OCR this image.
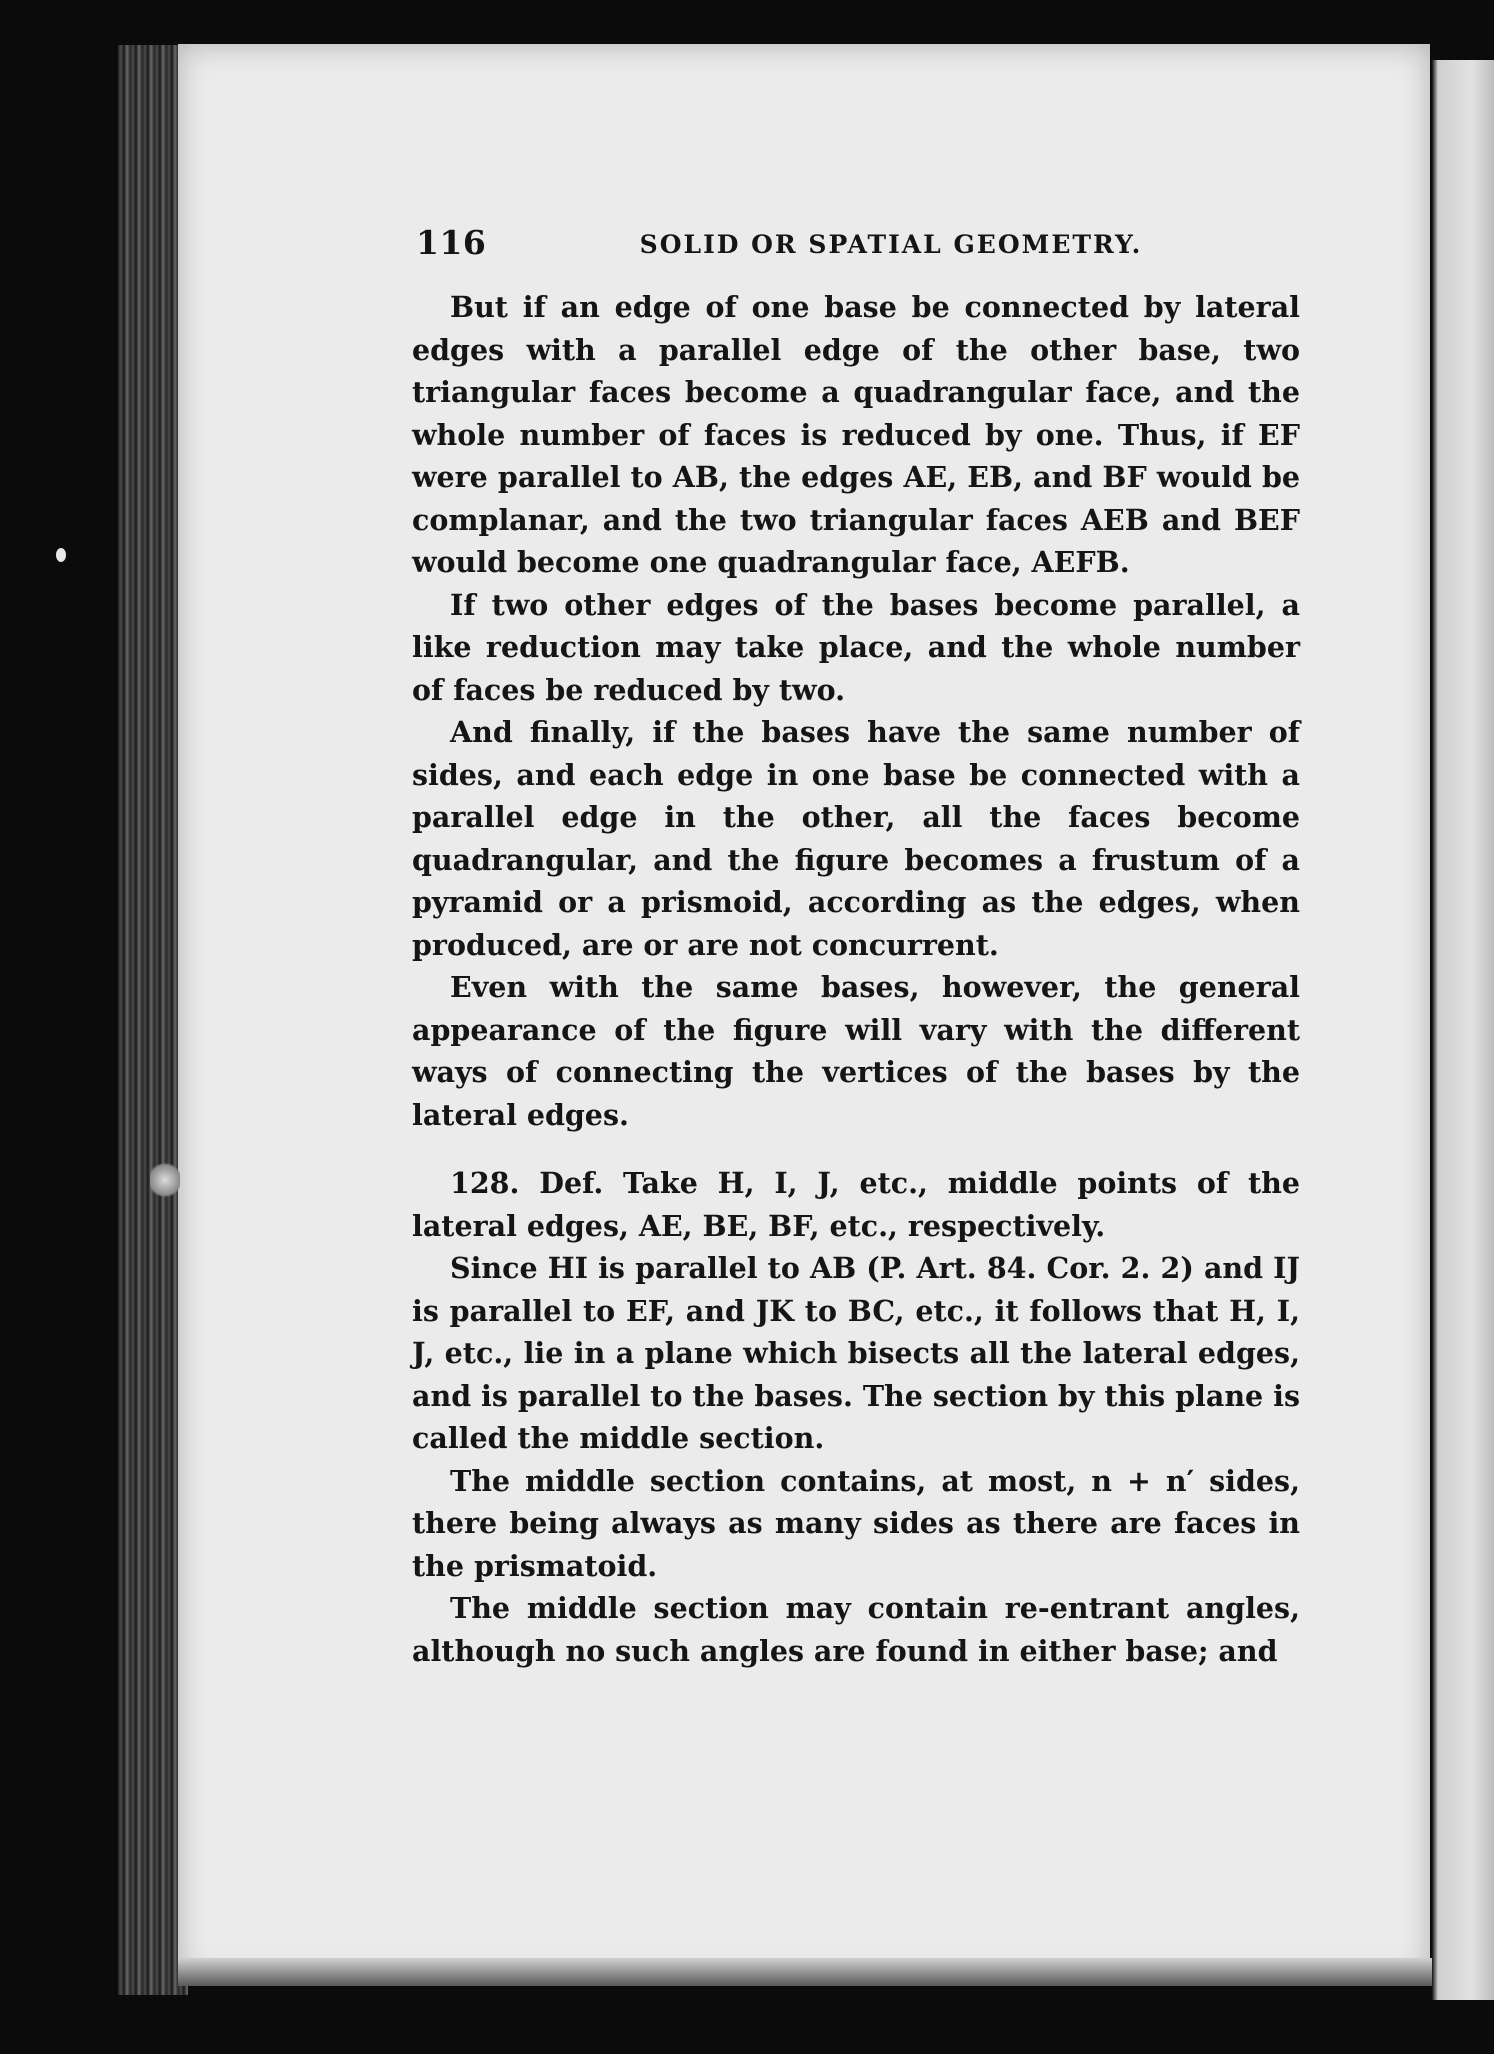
116	SOLID OR SPATIAL GEOMETRY.

But if an edge of one base be connected by lateral edges with a parallel edge of the other base, two triangular faces become a quadrangular face, and the whole number of faces is reduced by one. Thus, if EF were parallel to AB, the edges AE, EB, and BF would be complanar, and the two triangular faces AEB and BEF would become one quadrangular face, AEFB.

If two other edges of the bases become parallel, a like reduction may take place, and the whole number of faces be reduced by two.

And finally, if the bases have the same number of sides, and each edge in one base be connected with a parallel edge in the other, all the faces become quadrangular, and the figure becomes a frustum of a pyramid or a prismoid, according as the edges, when produced, are or are not concurrent.

Even with the same bases, however, the general appearance of the figure will vary with the different ways of connecting the vertices of the bases by the lateral edges.

128. Def. Take H, I, J, etc., middle points of the lateral edges, AE, BE, BF, etc., respectively.

Since HI is parallel to AB (P. Art. 84. Cor. 2. 2) and IJ is parallel to EF, and JK to BC, etc., it follows that H, I, J, etc., lie in a plane which bisects all the lateral edges, and is parallel to the bases. The section by this plane is called the middle section.

The middle section contains, at most, n + n′ sides, there being always as many sides as there are faces in the prismatoid.

The middle section may contain re-entrant angles, although no such angles are found in either base; and
